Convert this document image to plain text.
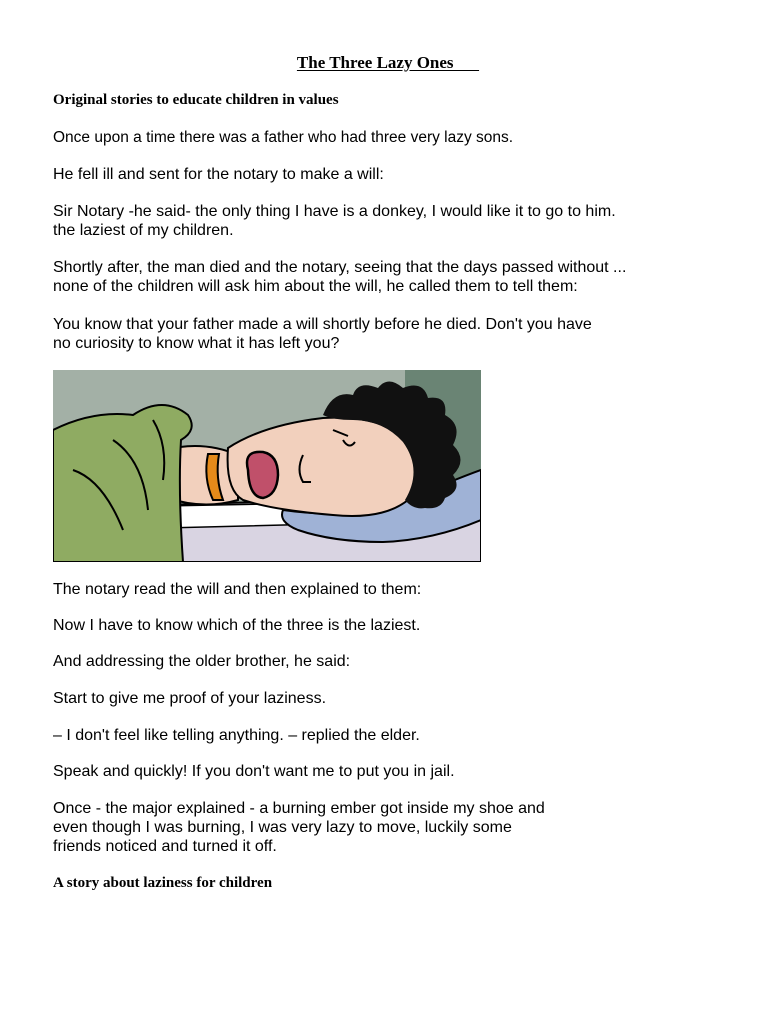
The Three Lazy Ones
Original stories to educate children in values
Once upon a time there was a father who had three very lazy sons.
He fell ill and sent for the notary to make a will:
Sir Notary -he said- the only thing I have is a donkey, I would like it to go to him.
the laziest of my children.
Shortly after, the man died and the notary, seeing that the days passed without ...
none of the children will ask him about the will, he called them to tell them:
You know that your father made a will shortly before he died. Don't you have
no curiosity to know what it has left you?
The notary read the will and then explained to them:
Now I have to know which of the three is the laziest.
And addressing the older brother, he said:
Start to give me proof of your laziness.
– I don't feel like telling anything. – replied the elder.
Speak and quickly! If you don't want me to put you in jail.
Once - the major explained - a burning ember got inside my shoe and
even though I was burning, I was very lazy to move, luckily some
friends noticed and turned it off.
A story about laziness for children
